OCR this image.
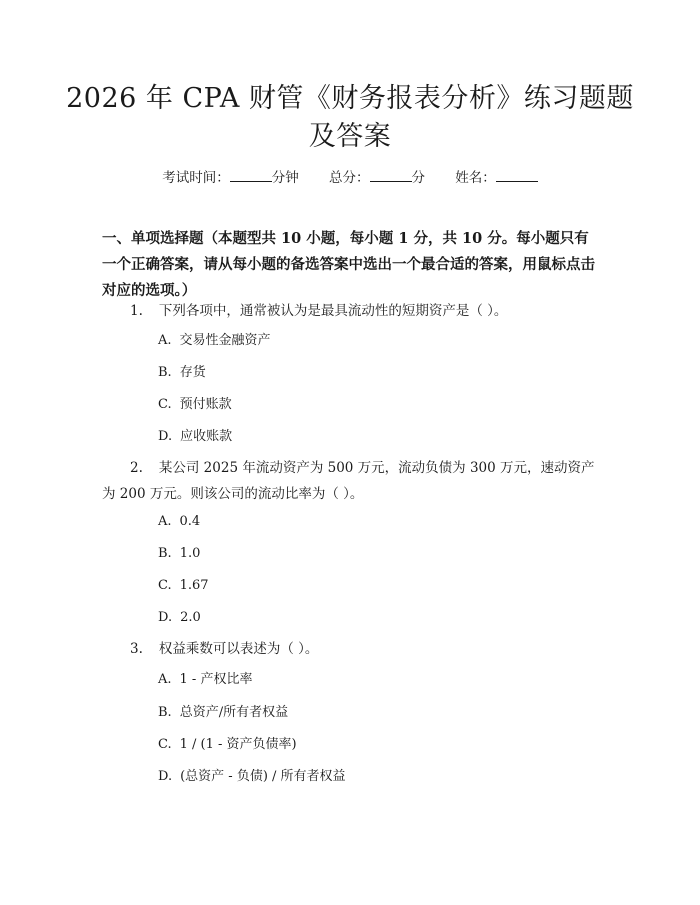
2026 年 CPA 财管《财务报表分析》练习题题
及答案
考试时间：	分钟 总分：	分 姓名：
一、单项选择题（本题型共 10 小题，每小题 1 分，共 10 分。每小题只有一个正确答案，请从每小题的备选答案中选出一个最合适的答案，用鼠标点击对应的选项。）
1. 下列各项中，通常被认为是最具流动性的短期资产是（ ）。
A. 交易性金融资产
B. 存货
C. 预付账款
D. 应收账款
2. 某公司 2025 年流动资产为 500 万元，流动负债为 300 万元，速动资产为 200 万元。则该公司的流动比率为（ ）。
A. 0.4
B. 1.0
C. 1.67
D. 2.0
3. 权益乘数可以表述为（ ）。
A. 1 - 产权比率
B. 总资产/所有者权益
C. 1 / (1 - 资产负债率)
D. (总资产 - 负债) / 所有者权益
